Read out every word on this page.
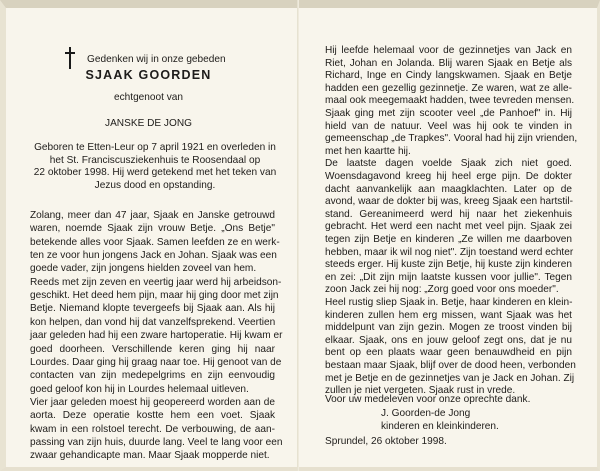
Gedenken wij in onze gebeden
SJAAK GOORDEN
echtgenoot van
JANSKE DE JONG
Geboren te Etten-Leur op 7 april 1921 en overleden in
het St. Franciscusziekenhuis te Roosendaal op
22 oktober 1998. Hij werd getekend met het teken van
Jezus dood en opstanding.
Zolang, meer dan 47 jaar, Sjaak en Janske getrouwd
waren, noemde Sjaak zijn vrouw Betje. „Ons Betje"
betekende alles voor Sjaak. Samen leefden ze en werk-
ten ze voor hun jongens Jack en Johan. Sjaak was een
goede vader, zijn jongens hielden zoveel van hem.
Reeds met zijn zeven en veertig jaar werd hij arbeidson-
geschikt. Het deed hem pijn, maar hij ging door met zijn
Betje. Niemand klopte tevergeefs bij Sjaak aan. Als hij
kon helpen, dan vond hij dat vanzelfsprekend. Veertien
jaar geleden had hij een zware hartoperatie. Hij kwam er
goed doorheen. Verschillende keren ging hij naar
Lourdes. Daar ging hij graag naar toe. Hij genoot van de
contacten van zijn medepelgrims en zijn eenvoudig
goed geloof kon hij in Lourdes helemaal uitleven.
Vier jaar geleden moest hij geopereerd worden aan de
aorta. Deze operatie kostte hem een voet. Sjaak
kwam in een rolstoel terecht. De verbouwing, de aan-
passing van zijn huis, duurde lang. Veel te lang voor een
zwaar gehandicapte man. Maar Sjaak mopperde niet.
Hij leefde helemaal voor de gezinnetjes van Jack en
Riet, Johan en Jolanda. Blij waren Sjaak en Betje als
Richard, Inge en Cindy langskwamen. Sjaak en Betje
hadden een gezellig gezinnetje. Ze waren, wat ze alle-
maal ook meegemaakt hadden, twee tevreden mensen.
Sjaak ging met zijn scooter veel „de Panhoef" in. Hij
hield van de natuur. Veel was hij ook te vinden in
gemeenschap „de Trapkes". Vooral had hij zijn vrienden,
met hen kaartte hij.
De laatste dagen voelde Sjaak zich niet goed.
Woensdagavond kreeg hij heel erge pijn. De dokter
dacht aanvankelijk aan maagklachten. Later op de
avond, waar de dokter bij was, kreeg Sjaak een hartstil-
stand. Gereanimeerd werd hij naar het ziekenhuis
gebracht. Het werd een nacht met veel pijn. Sjaak zei
tegen zijn Betje en kinderen „Ze willen me daarboven
hebben, maar ik wil nog niet". Zijn toestand werd echter
steeds erger. Hij kuste zijn Betje, hij kuste zijn kinderen
en zei: „Dit zijn mijn laatste kussen voor jullie". Tegen
zoon Jack zei hij nog: „Zorg goed voor ons moeder".
Heel rustig sliep Sjaak in. Betje, haar kinderen en klein-
kinderen zullen hem erg missen, want Sjaak was het
middelpunt van zijn gezin. Mogen ze troost vinden bij
elkaar. Sjaak, ons en jouw geloof zegt ons, dat je nu
bent op een plaats waar geen benauwdheid en pijn
bestaan maar Sjaak, blijf over de dood heen, verbonden
met je Betje en de gezinnetjes van je Jack en Johan. Zij
zullen je niet vergeten. Sjaak rust in vrede.
Voor uw medeleven voor onze oprechte dank.
J. Goorden-de Jong
kinderen en kleinkinderen.
Sprundel, 26 oktober 1998.
